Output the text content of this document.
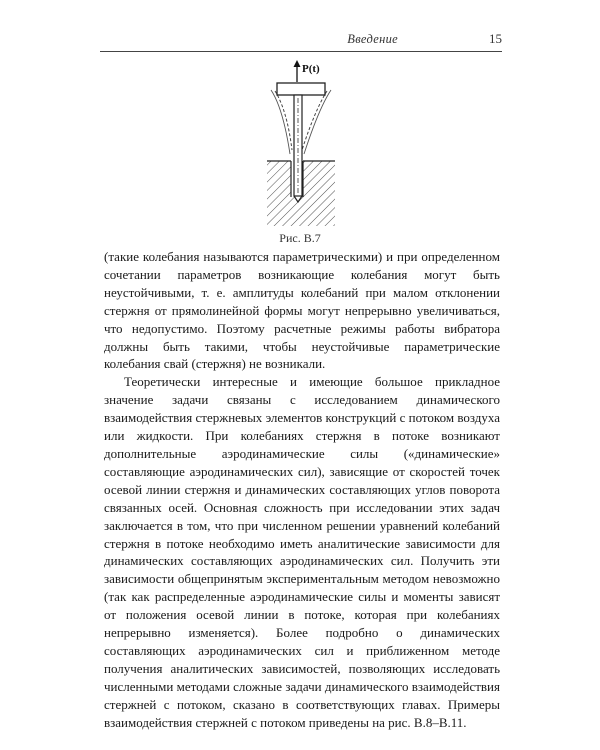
Введение	15
P(t)
Рис. В.7

(такие колебания называются параметрическими) и при определенном сочетании параметров возникающие колебания могут быть неустойчивыми, т. е. амплитуды колебаний при малом отклонении стержня от прямолинейной формы могут непрерывно увеличиваться, что недопустимо. Поэтому расчетные режимы работы вибратора должны быть такими, чтобы неустойчивые параметрические колебания свай (стержня) не возникали.

Теоретически интересные и имеющие большое прикладное значение задачи связаны с исследованием динамического взаимодействия стержневых элементов конструкций с потоком воздуха или жидкости. При колебаниях стержня в потоке возникают дополнительные аэродинамические силы («динамические» составляющие аэродинамических сил), зависящие от скоростей точек осевой линии стержня и динамических составляющих углов поворота связанных осей. Основная сложность при исследовании этих задач заключается в том, что при численном решении уравнений колебаний стержня в потоке необходимо иметь аналитические зависимости для динамических составляющих аэродинамических сил. Получить эти зависимости общепринятым экспериментальным методом невозможно (так как распределенные аэродинамические силы и моменты зависят от положения осевой линии в потоке, которая при колебаниях непрерывно изменяется). Более подробно о динамических составляющих аэродинамических сил и приближенном методе получения аналитических зависимостей, позволяющих исследовать численными методами сложные задачи динамического взаимодействия стержней с потоком, сказано в соответствующих главах. Примеры взаимодействия стержней с потоком приведены на рис. В.8–В.11.
